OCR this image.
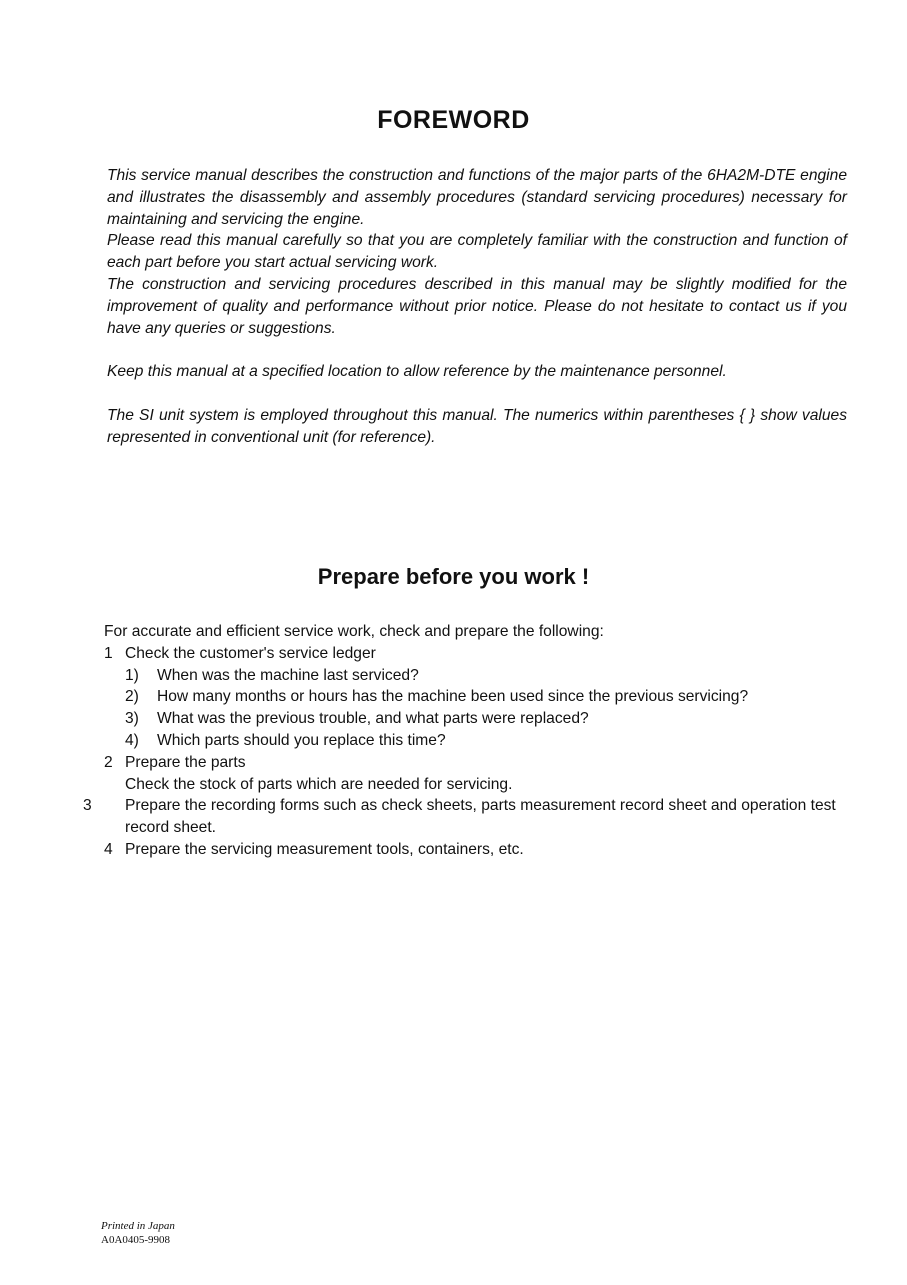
FOREWORD

This service manual describes the construction and functions of the major parts of the 6HA2M-DTE engine and illustrates the disassembly and assembly procedures (standard servicing procedures) necessary for maintaining and servicing the engine.

Please read this manual carefully so that you are completely familiar with the construction and function of each part before you start actual servicing work.

The construction and servicing procedures described in this manual may be slightly modified for the improvement of quality and performance without prior notice. Please do not hesitate to contact us if you have any queries or suggestions.

Keep this manual at a specified location to allow reference by the maintenance personnel.

The SI unit system is employed throughout this manual. The numerics within parentheses { } show values represented in conventional unit (for reference).

Prepare before you work !
For accurate and efficient service work, check and prepare the following:
1 Check the customer's service ledger
1) When was the machine last serviced?
2) How many months or hours has the machine been used since the previous servicing?
3) What was the previous trouble, and what parts were replaced?
4) Which parts should you replace this time?
2 Prepare the parts
Check the stock of parts which are needed for servicing.
3 Prepare the recording forms such as check sheets, parts measurement record sheet and operation test record sheet.
4 Prepare the servicing measurement tools, containers, etc.
Printed in Japan
A0A0405-9908
